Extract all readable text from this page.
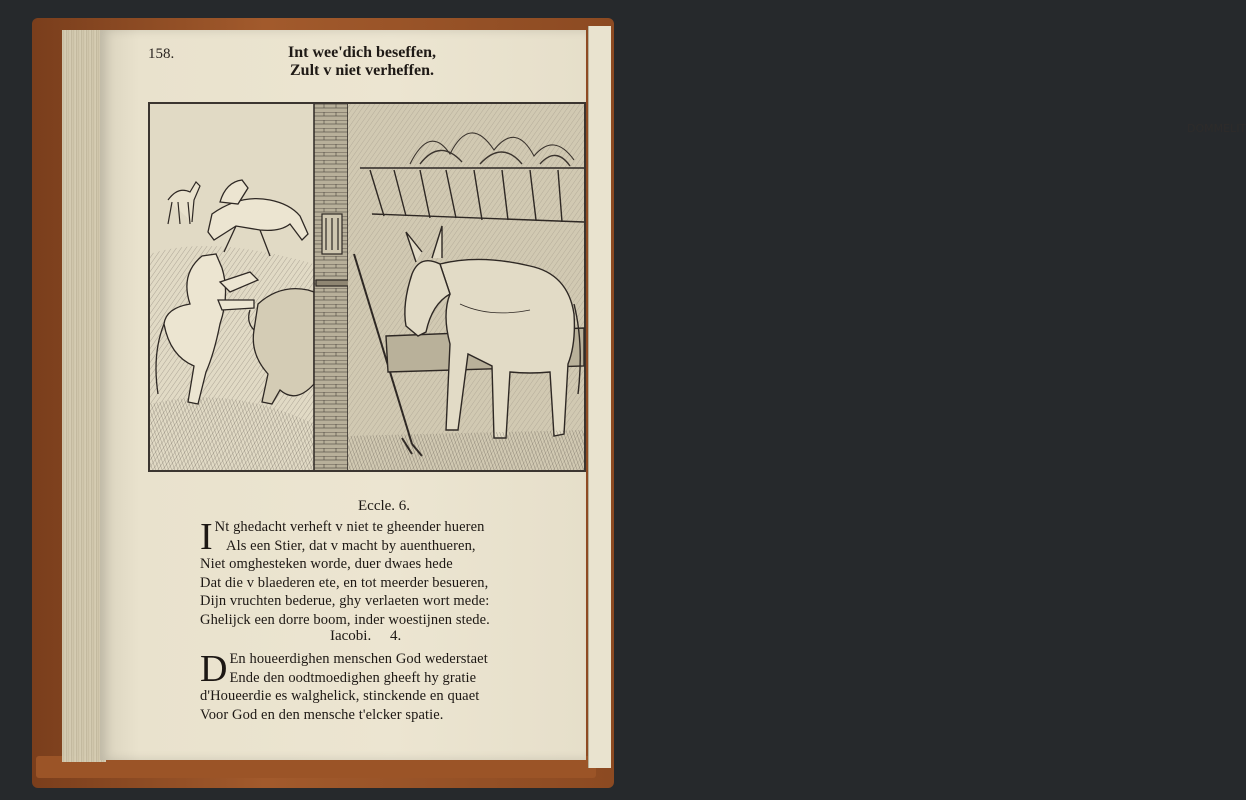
DOMMELIT
158.	Int wee'dich beseffen,
Zult v niet verheffen.
Eccle. 6.
I Nt ghedacht verheft v niet te gheender hueren
Als een Stier, dat v macht by auenthueren,
Niet omghesteken worde, duer dwaes hede
Dat die v blaederen ete, en tot meerder besueren,
Dijn vruchten bederue, ghy verlaeten wort mede:
Ghelijck een dorre boom, inder woestijnen stede.
Iacobi.     4.
D En houeerdighen menschen God wederstaet
Ende den oodtmoedighen gheeft hy gratie
d'Houeerdie es walghelick, stinckende en quaet
Voor God en den mensche t'elcker spatie.
